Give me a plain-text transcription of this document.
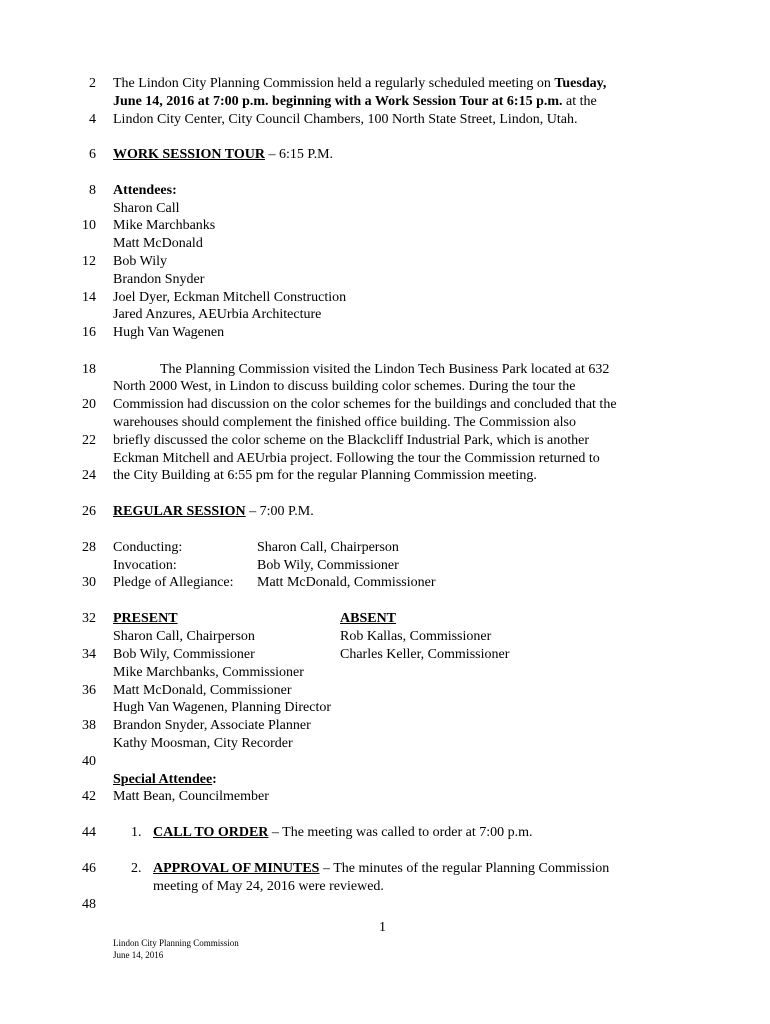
2
4
6
8
10
12
14
16
18
20
22
24
26
28
30
32
34
36
38
40
42
44
46
48
The Lindon City Planning Commission held a regularly scheduled meeting on Tuesday,
June 14, 2016 at 7:00 p.m. beginning with a Work Session Tour at 6:15 p.m. at the
Lindon City Center, City Council Chambers, 100 North State Street, Lindon, Utah.
WORK SESSION TOUR – 6:15 P.M.
Attendees:
Sharon Call
Mike Marchbanks
Matt McDonald
Bob Wily
Brandon Snyder
Joel Dyer, Eckman Mitchell Construction
Jared Anzures, AEUrbia Architecture
Hugh Van Wagenen
The Planning Commission visited the Lindon Tech Business Park located at 632
North 2000 West, in Lindon to discuss building color schemes. During the tour the
Commission had discussion on the color schemes for the buildings and concluded that the
warehouses should complement the finished office building. The Commission also
briefly discussed the color scheme on the Blackcliff Industrial Park, which is another
Eckman Mitchell and AEUrbia project. Following the tour the Commission returned to
the City Building at 6:55 pm for the regular Planning Commission meeting.
REGULAR SESSION – 7:00 P.M.
Conducting:	Sharon Call, Chairperson
Invocation:	Bob Wily, Commissioner
Pledge of Allegiance: Matt McDonald, Commissioner
PRESENT	ABSENT
Sharon Call, Chairperson	Rob Kallas, Commissioner
Bob Wily, Commissioner	Charles Keller, Commissioner
Mike Marchbanks, Commissioner
Matt McDonald, Commissioner
Hugh Van Wagenen, Planning Director
Brandon Snyder, Associate Planner
Kathy Moosman, City Recorder
Special Attendee:
Matt Bean, Councilmember
1. CALL TO ORDER – The meeting was called to order at 7:00 p.m.
2. APPROVAL OF MINUTES – The minutes of the regular Planning Commission
meeting of May 24, 2016 were reviewed.
1
Lindon City Planning Commission
June 14, 2016
